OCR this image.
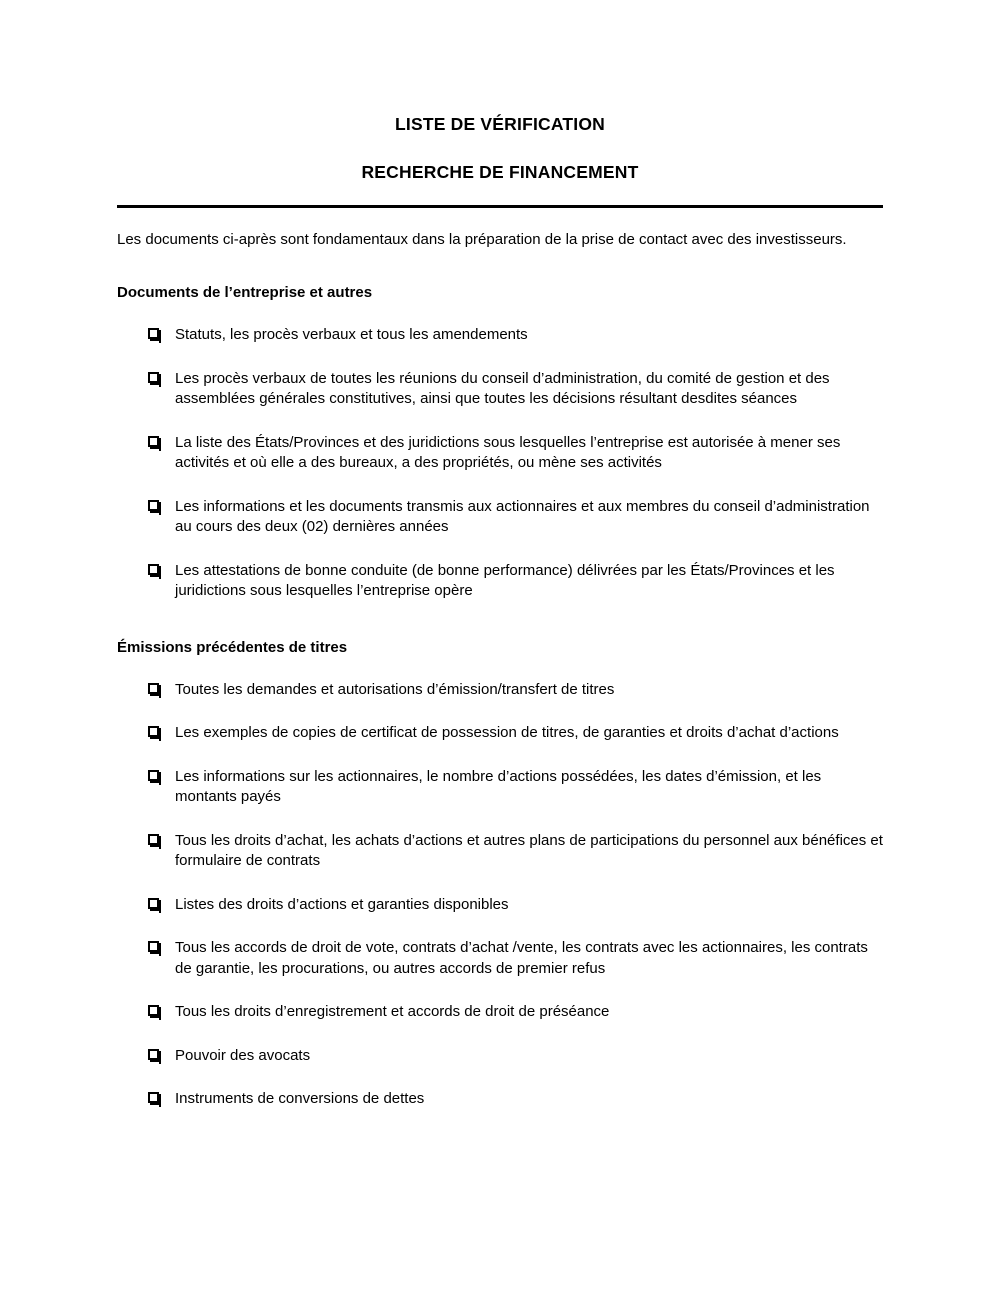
LISTE DE VÉRIFICATION
RECHERCHE DE FINANCEMENT

Les documents ci-après sont fondamentaux dans la préparation de la prise de contact avec des investisseurs.

Documents de l’entreprise et autres
Statuts, les procès verbaux et tous les amendements
Les procès verbaux de toutes les réunions du conseil d’administration, du comité de gestion et des assemblées générales constitutives, ainsi que toutes les décisions résultant desdites séances
La liste des États/Provinces et des juridictions sous lesquelles l’entreprise est autorisée à mener ses activités et où elle a des bureaux, a des propriétés, ou mène ses activités
Les informations et les documents transmis aux actionnaires et aux membres du conseil d’administration au cours des deux (02) dernières années
Les attestations de bonne conduite (de bonne performance) délivrées par les États/Provinces et les juridictions sous lesquelles l’entreprise opère
Émissions précédentes de titres
Toutes les demandes et autorisations d’émission/transfert de titres
Les exemples de copies de certificat de possession de titres, de garanties et droits d’achat d’actions
Les informations sur les actionnaires, le nombre d’actions possédées, les dates d’émission, et les montants payés
Tous les droits d’achat, les achats d’actions et autres plans de participations du personnel aux bénéfices et formulaire de contrats
Listes des droits d’actions et garanties disponibles
Tous les accords de droit de vote, contrats d’achat /vente, les contrats avec les actionnaires, les contrats de garantie, les procurations, ou autres accords de premier refus
Tous les droits d’enregistrement et accords de droit de préséance
Pouvoir des avocats
Instruments de conversions de dettes
